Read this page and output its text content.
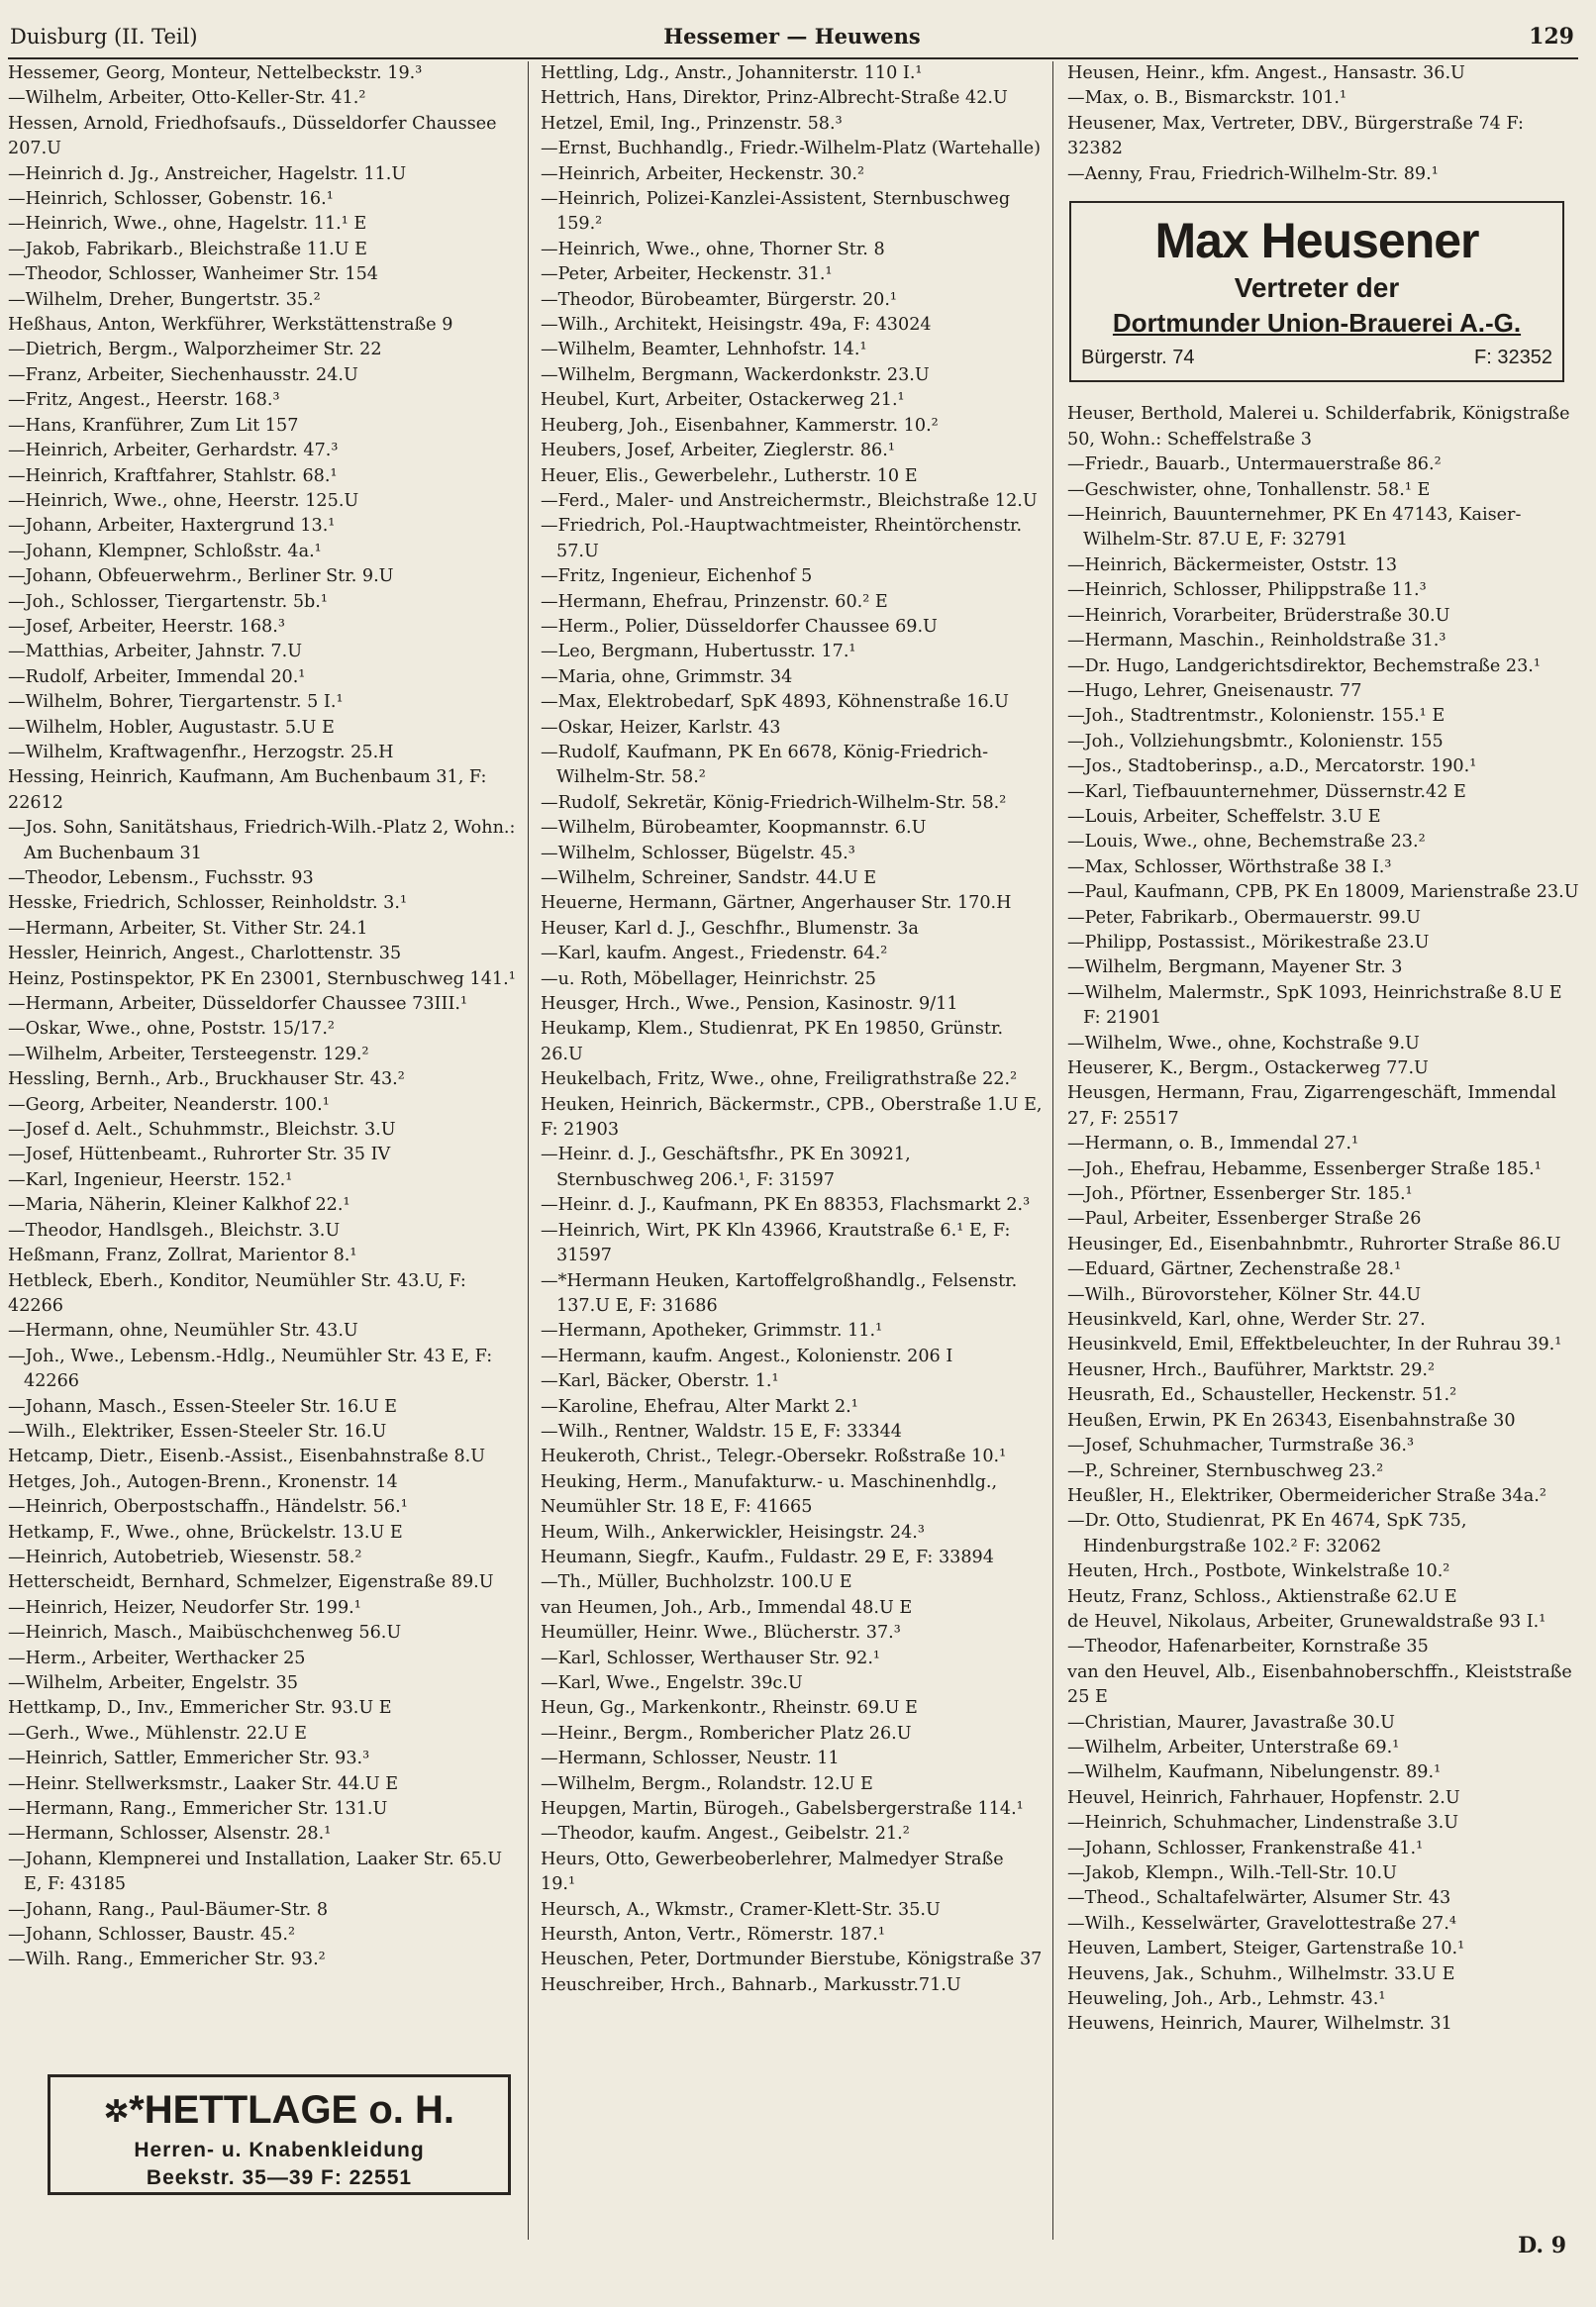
Duisburg (II. Teil)	Hessemer — Heuwens	129

Hessemer, Georg, Monteur, Nettelbeckstr. 19.³

— Wilhelm, Arbeiter, Otto-Keller-Str. 41.²

Hessen, Arnold, Friedhofsaufs., Düsseldorfer Chaussee 207.U

— Heinrich d. Jg., Anstreicher, Hagelstr. 11.U

— Heinrich, Schlosser, Gobenstr. 16.¹

— Heinrich, Wwe., ohne, Hagelstr. 11.¹ E

— Jakob, Fabrikarb., Bleichstraße 11.U E

— Theodor, Schlosser, Wanheimer Str. 154

— Wilhelm, Dreher, Bungertstr. 35.²

Heßhaus, Anton, Werkführer, Werkstättenstraße 9

— Dietrich, Bergm., Walporzheimer Str. 22

— Franz, Arbeiter, Siechenhausstr. 24.U

— Fritz, Angest., Heerstr. 168.³

— Hans, Kranführer, Zum Lit 157

— Heinrich, Arbeiter, Gerhardstr. 47.³

— Heinrich, Kraftfahrer, Stahlstr. 68.¹

— Heinrich, Wwe., ohne, Heerstr. 125.U

— Johann, Arbeiter, Haxtergrund 13.¹

— Johann, Klempner, Schloßstr. 4a.¹

— Johann, Obfeuerwehrm., Berliner Str. 9.U

— Joh., Schlosser, Tiergartenstr. 5b.¹

— Josef, Arbeiter, Heerstr. 168.³

— Matthias, Arbeiter, Jahnstr. 7.U

— Rudolf, Arbeiter, Immendal 20.¹

— Wilhelm, Bohrer, Tiergartenstr. 5 I.¹

— Wilhelm, Hobler, Augustastr. 5.U E

— Wilhelm, Kraftwagenfhr., Herzogstr. 25.H

Hessing, Heinrich, Kaufmann, Am Buchenbaum 31, F: 22612

— Jos. Sohn, Sanitätshaus, Friedrich-Wilh.-Platz 2, Wohn.: Am Buchenbaum 31

— Theodor, Lebensm., Fuchsstr. 93

Hesske, Friedrich, Schlosser, Reinholdstr. 3.¹

— Hermann, Arbeiter, St. Vither Str. 24.1

Hessler, Heinrich, Angest., Charlottenstr. 35

Heinz, Postinspektor, PK En 23001, Sternbuschweg 141.¹

— Hermann, Arbeiter, Düsseldorfer Chaussee 73III.¹

— Oskar, Wwe., ohne, Poststr. 15/17.²

— Wilhelm, Arbeiter, Tersteegenstr. 129.²

Hessling, Bernh., Arb., Bruckhauser Str. 43.²

— Georg, Arbeiter, Neanderstr. 100.¹

— Josef d. Aelt., Schuhmmstr., Bleichstr. 3.U

— Josef, Hüttenbeamt., Ruhrorter Str. 35 IV

— Karl, Ingenieur, Heerstr. 152.¹

— Maria, Näherin, Kleiner Kalkhof 22.¹

— Theodor, Handlsgeh., Bleichstr. 3.U

Heßmann, Franz, Zollrat, Marientor 8.¹

Hetbleck, Eberh., Konditor, Neumühler Str. 43.U, F: 42266

— Hermann, ohne, Neumühler Str. 43.U

— Joh., Wwe., Lebensm.-Hdlg., Neumühler Str. 43 E, F: 42266

— Johann, Masch., Essen-Steeler Str. 16.U E

— Wilh., Elektriker, Essen-Steeler Str. 16.U

Hetcamp, Dietr., Eisenb.-Assist., Eisenbahnstraße 8.U

Hetges, Joh., Autogen-Brenn., Kronenstr. 14

— Heinrich, Oberpostschaffn., Händelstr. 56.¹

Hetkamp, F., Wwe., ohne, Brückelstr. 13.U E

— Heinrich, Autobetrieb, Wiesenstr. 58.²

Hetterscheidt, Bernhard, Schmelzer, Eigenstraße 89.U

— Heinrich, Heizer, Neudorfer Str. 199.¹

— Heinrich, Masch., Maibüschchenweg 56.U

— Herm., Arbeiter, Werthacker 25

— Wilhelm, Arbeiter, Engelstr. 35

Hettkamp, D., Inv., Emmericher Str. 93.U E

— Gerh., Wwe., Mühlenstr. 22.U E

— Heinrich, Sattler, Emmericher Str. 93.³

— Heinr. Stellwerksmstr., Laaker Str. 44.U E

— Hermann, Rang., Emmericher Str. 131.U

— Hermann, Schlosser, Alsenstr. 28.¹

— Johann, Klempnerei und Installation, Laaker Str. 65.U E, F: 43185

— Johann, Rang., Paul-Bäumer-Str. 8

— Johann, Schlosser, Baustr. 45.²

— Wilh. Rang., Emmericher Str. 93.²

Hettling, Ldg., Anstr., Johanniterstr. 110 I.¹

Hettrich, Hans, Direktor, Prinz-Albrecht-Straße 42.U

Hetzel, Emil, Ing., Prinzenstr. 58.³

— Ernst, Buchhandlg., Friedr.-Wilhelm-Platz (Wartehalle)

— Heinrich, Arbeiter, Heckenstr. 30.²

— Heinrich, Polizei-Kanzlei-Assistent, Sternbuschweg 159.²

— Heinrich, Wwe., ohne, Thorner Str. 8

— Peter, Arbeiter, Heckenstr. 31.¹

— Theodor, Bürobeamter, Bürgerstr. 20.¹

— Wilh., Architekt, Heisingstr. 49a, F: 43024

— Wilhelm, Beamter, Lehnhofstr. 14.¹

— Wilhelm, Bergmann, Wackerdonkstr. 23.U

Heubel, Kurt, Arbeiter, Ostackerweg 21.¹

Heuberg, Joh., Eisenbahner, Kammerstr. 10.²

Heubers, Josef, Arbeiter, Zieglerstr. 86.¹

Heuer, Elis., Gewerbelehr., Lutherstr. 10 E

— Ferd., Maler- und Anstreichermstr., Bleichstraße 12.U

— Friedrich, Pol.-Hauptwachtmeister, Rheintörchenstr. 57.U

— Fritz, Ingenieur, Eichenhof 5

— Hermann, Ehefrau, Prinzenstr. 60.² E

— Herm., Polier, Düsseldorfer Chaussee 69.U

— Leo, Bergmann, Hubertusstr. 17.¹

— Maria, ohne, Grimmstr. 34

— Max, Elektrobedarf, SpK 4893, Köhnenstraße 16.U

— Oskar, Heizer, Karlstr. 43

— Rudolf, Kaufmann, PK En 6678, König-Friedrich-Wilhelm-Str. 58.²

— Rudolf, Sekretär, König-Friedrich-Wilhelm-Str. 58.²

— Wilhelm, Bürobeamter, Koopmannstr. 6.U

— Wilhelm, Schlosser, Bügelstr. 45.³

— Wilhelm, Schreiner, Sandstr. 44.U E

Heuerne, Hermann, Gärtner, Angerhauser Str. 170.H

Heuser, Karl d. J., Geschfhr., Blumenstr. 3a

— Karl, kaufm. Angest., Friedenstr. 64.²

— u. Roth, Möbellager, Heinrichstr. 25

Heusger, Hrch., Wwe., Pension, Kasinostr. 9/11

Heukamp, Klem., Studienrat, PK En 19850, Grünstr. 26.U

Heukelbach, Fritz, Wwe., ohne, Freiligrathstraße 22.²

Heuken, Heinrich, Bäckermstr., CPB., Oberstraße 1.U E, F: 21903

— Heinr. d. J., Geschäftsfhr., PK En 30921, Sternbuschweg 206.¹, F: 31597

— Heinr. d. J., Kaufmann, PK En 88353, Flachsmarkt 2.³

— Heinrich, Wirt, PK Kln 43966, Krautstraße 6.¹ E, F: 31597

— *Hermann Heuken, Kartoffelgroßhandlg., Felsenstr. 137.U E, F: 31686

— Hermann, Apotheker, Grimmstr. 11.¹

— Hermann, kaufm. Angest., Kolonienstr. 206 I

— Karl, Bäcker, Oberstr. 1.¹

— Karoline, Ehefrau, Alter Markt 2.¹

— Wilh., Rentner, Waldstr. 15 E, F: 33344

Heukeroth, Christ., Telegr.-Obersekr. Roßstraße 10.¹

Heuking, Herm., Manufakturw.- u. Maschinenhdlg., Neumühler Str. 18 E, F: 41665

Heum, Wilh., Ankerwickler, Heisingstr. 24.³

Heumann, Siegfr., Kaufm., Fuldastr. 29 E, F: 33894

— Th., Müller, Buchholzstr. 100.U E

van Heumen, Joh., Arb., Immendal 48.U E

Heumüller, Heinr. Wwe., Blücherstr. 37.³

— Karl, Schlosser, Werthauser Str. 92.¹

— Karl, Wwe., Engelstr. 39c.U

Heun, Gg., Markenkontr., Rheinstr. 69.U E

— Heinr., Bergm., Rombericher Platz 26.U

— Hermann, Schlosser, Neustr. 11

— Wilhelm, Bergm., Rolandstr. 12.U E

Heupgen, Martin, Bürogeh., Gabelsbergerstraße 114.¹

— Theodor, kaufm. Angest., Geibelstr. 21.²

Heurs, Otto, Gewerbeoberlehrer, Malmedyer Straße 19.¹

Heursch, A., Wkmstr., Cramer-Klett-Str. 35.U

Heursth, Anton, Vertr., Römerstr. 187.¹

Heuschen, Peter, Dortmunder Bierstube, Königstraße 37

Heuschreiber, Hrch., Bahnarb., Markusstr.71.U

Heusen, Heinr., kfm. Angest., Hansastr. 36.U

— Max, o. B., Bismarckstr. 101.¹

Heusener, Max, Vertreter, DBV., Bürgerstraße 74 F: 32382

— Aenny, Frau, Friedrich-Wilhelm-Str. 89.¹

Max Heusener
Vertreter der
Dortmunder Union-Brauerei A.-G.
Bürgerstr. 74	F: 32352

Heuser, Berthold, Malerei u. Schilderfabrik, Königstraße 50, Wohn.: Scheffelstraße 3

— Friedr., Bauarb., Untermauerstraße 86.²

— Geschwister, ohne, Tonhallenstr. 58.¹ E

— Heinrich, Bauunternehmer, PK En 47143, Kaiser-Wilhelm-Str. 87.U E, F: 32791

— Heinrich, Bäckermeister, Oststr. 13

— Heinrich, Schlosser, Philippstraße 11.³

— Heinrich, Vorarbeiter, Brüderstraße 30.U

— Hermann, Maschin., Reinholdstraße 31.³

— Dr. Hugo, Landgerichtsdirektor, Bechemstraße 23.¹

— Hugo, Lehrer, Gneisenaustr. 77

— Joh., Stadtrentmstr., Kolonienstr. 155.¹ E

— Joh., Vollziehungsbmtr., Kolonienstr. 155

— Jos., Stadtoberinsp., a.D., Mercatorstr. 190.¹

— Karl, Tiefbauunternehmer, Düssernstr.42 E

— Louis, Arbeiter, Scheffelstr. 3.U E

— Louis, Wwe., ohne, Bechemstraße 23.²

— Max, Schlosser, Wörthstraße 38 I.³

— Paul, Kaufmann, CPB, PK En 18009, Marienstraße 23.U

— Peter, Fabrikarb., Obermauerstr. 99.U

— Philipp, Postassist., Mörikestraße 23.U

— Wilhelm, Bergmann, Mayener Str. 3

— Wilhelm, Malermstr., SpK 1093, Heinrichstraße 8.U E F: 21901

— Wilhelm, Wwe., ohne, Kochstraße 9.U

Heuserer, K., Bergm., Ostackerweg 77.U

Heusgen, Hermann, Frau, Zigarrengeschäft, Immendal 27, F: 25517

— Hermann, o. B., Immendal 27.¹

— Joh., Ehefrau, Hebamme, Essenberger Straße 185.¹

— Joh., Pförtner, Essenberger Str. 185.¹

— Paul, Arbeiter, Essenberger Straße 26

Heusinger, Ed., Eisenbahnbmtr., Ruhrorter Straße 86.U

— Eduard, Gärtner, Zechenstraße 28.¹

— Wilh., Bürovorsteher, Kölner Str. 44.U

Heusinkveld, Karl, ohne, Werder Str. 27.

Heusinkveld, Emil, Effektbeleuchter, In der Ruhrau 39.¹

Heusner, Hrch., Bauführer, Marktstr. 29.²

Heusrath, Ed., Schausteller, Heckenstr. 51.²

Heußen, Erwin, PK En 26343, Eisenbahnstraße 30

— Josef, Schuhmacher, Turmstraße 36.³

— P., Schreiner, Sternbuschweg 23.²

Heußler, H., Elektriker, Obermeidericher Straße 34a.²

— Dr. Otto, Studienrat, PK En 4674, SpK 735, Hindenburgstraße 102.² F: 32062

Heuten, Hrch., Postbote, Winkelstraße 10.²

Heutz, Franz, Schloss., Aktienstraße 62.U E

de Heuvel, Nikolaus, Arbeiter, Grunewaldstraße 93 I.¹

— Theodor, Hafenarbeiter, Kornstraße 35

van den Heuvel, Alb., Eisenbahnoberschffn., Kleiststraße 25 E

— Christian, Maurer, Javastraße 30.U

— Wilhelm, Arbeiter, Unterstraße 69.¹

— Wilhelm, Kaufmann, Nibelungenstr. 89.¹

Heuvel, Heinrich, Fahrhauer, Hopfenstr. 2.U

— Heinrich, Schuhmacher, Lindenstraße 3.U

— Johann, Schlosser, Frankenstraße 41.¹

— Jakob, Klempn., Wilh.-Tell-Str. 10.U

— Theod., Schaltafelwärter, Alsumer Str. 43

— Wilh., Kesselwärter, Gravelottestraße 27.⁴

Heuven, Lambert, Steiger, Gartenstraße 10.¹

Heuvens, Jak., Schuhm., Wilhelmstr. 33.U E

Heuweling, Joh., Arb., Lehmstr. 43.¹

Heuwens, Heinrich, Maurer, Wilhelmstr. 31

✲*HETTLAGE o. H.
Herren- u. Knabenkleidung
Beekstr. 35—39 F: 22551
D. 9
